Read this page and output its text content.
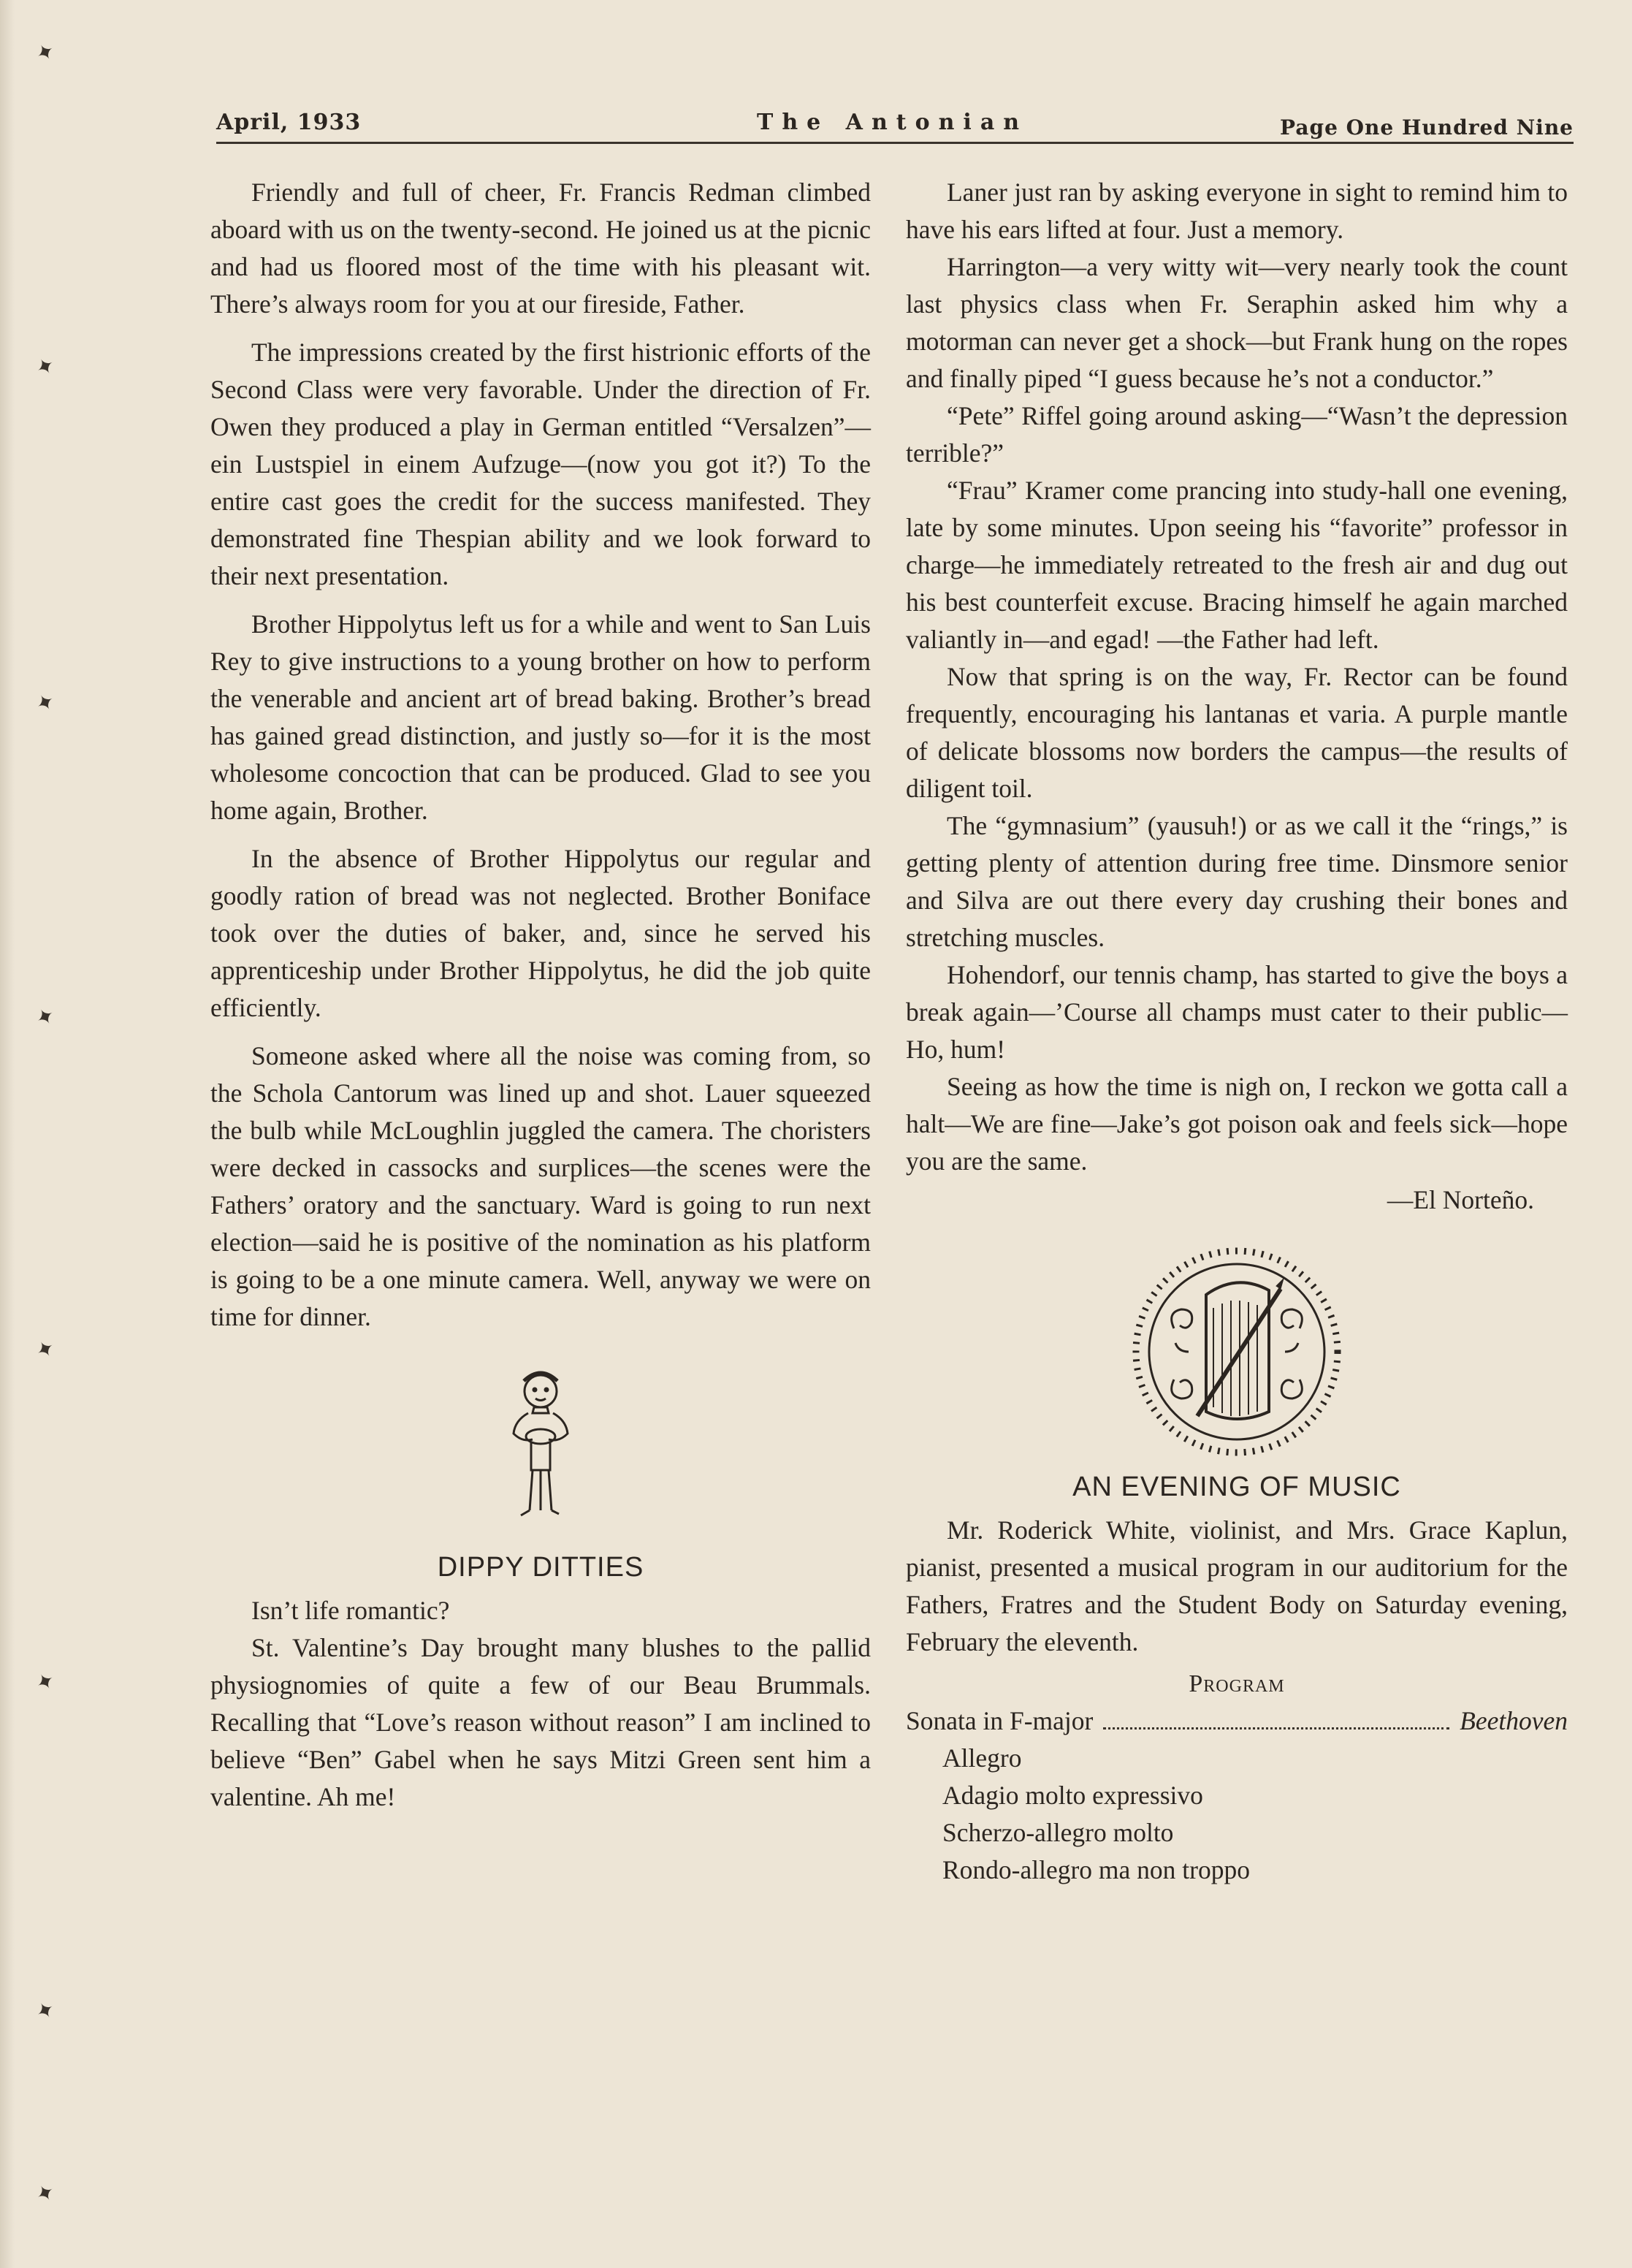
✦
✦
✦
✦
✦
✦
✦
✦
April, 1933	The Antonian	Page One Hundred Nine

Friendly and full of cheer, Fr. Francis Redman climbed aboard with us on the twenty-second. He joined us at the picnic and had us floored most of the time with his pleasant wit. There’s always room for you at our fireside, Father.

The impressions created by the first histrionic efforts of the Second Class were very favorable. Under the direction of Fr. Owen they produced a play in German entitled “Versalzen”—ein Lustspiel in einem Aufzuge—(now you got it?) To the entire cast goes the credit for the success manifested. They demonstrated fine Thespian ability and we look forward to their next presentation.

Brother Hippolytus left us for a while and went to San Luis Rey to give instructions to a young brother on how to perform the venerable and ancient art of bread baking. Brother’s bread has gained gread distinction, and justly so—for it is the most wholesome concoction that can be produced. Glad to see you home again, Brother.

In the absence of Brother Hippolytus our regular and goodly ration of bread was not neglected. Brother Boniface took over the duties of baker, and, since he served his apprenticeship under Brother Hippolytus, he did the job quite efficiently.

Someone asked where all the noise was coming from, so the Schola Cantorum was lined up and shot. Lauer squeezed the bulb while McLoughlin juggled the camera. The choristers were decked in cassocks and surplices—the scenes were the Fathers’ oratory and the sanctuary. Ward is going to run next election—said he is positive of the nomination as his platform is going to be a one minute camera. Well, anyway we were on time for dinner.

DIPPY DITTIES

Isn’t life romantic?

St. Valentine’s Day brought many blushes to the pallid physiognomies of quite a few of our Beau Brummals. Recalling that “Love’s reason without reason” I am inclined to believe “Ben” Gabel when he says Mitzi Green sent him a valentine. Ah me!

Laner just ran by asking everyone in sight to remind him to have his ears lifted at four. Just a memory.

Harrington—a very witty wit—very nearly took the count last physics class when Fr. Seraphin asked him why a motorman can never get a shock—but Frank hung on the ropes and finally piped “I guess because he’s not a conductor.”

“Pete” Riffel going around asking—“Wasn’t the depression terrible?”

“Frau” Kramer come prancing into study-hall one evening, late by some minutes. Upon seeing his “favorite” professor in charge—he immediately retreated to the fresh air and dug out his best counterfeit excuse. Bracing himself he again marched valiantly in—and egad! —the Father had left.

Now that spring is on the way, Fr. Rector can be found frequently, encouraging his lantanas et varia. A purple mantle of delicate blossoms now borders the campus—the results of diligent toil.

The “gymnasium” (yausuh!) or as we call it the “rings,” is getting plenty of attention during free time. Dinsmore senior and Silva are out there every day crushing their bones and stretching muscles.

Hohendorf, our tennis champ, has started to give the boys a break again—’Course all champs must cater to their public—Ho, hum!

Seeing as how the time is nigh on, I reckon we gotta call a halt—We are fine—Jake’s got poison oak and feels sick—hope you are the same.

—El Norteño.
AN EVENING OF MUSIC

Mr. Roderick White, violinist, and Mrs. Grace Kaplun, pianist, presented a musical program in our auditorium for the Fathers, Fratres and the Student Body on Saturday evening, February the eleventh.

Program
Sonata in F-major	Beethoven
Allegro
Adagio molto expressivo
Scherzo-allegro molto
Rondo-allegro ma non troppo
